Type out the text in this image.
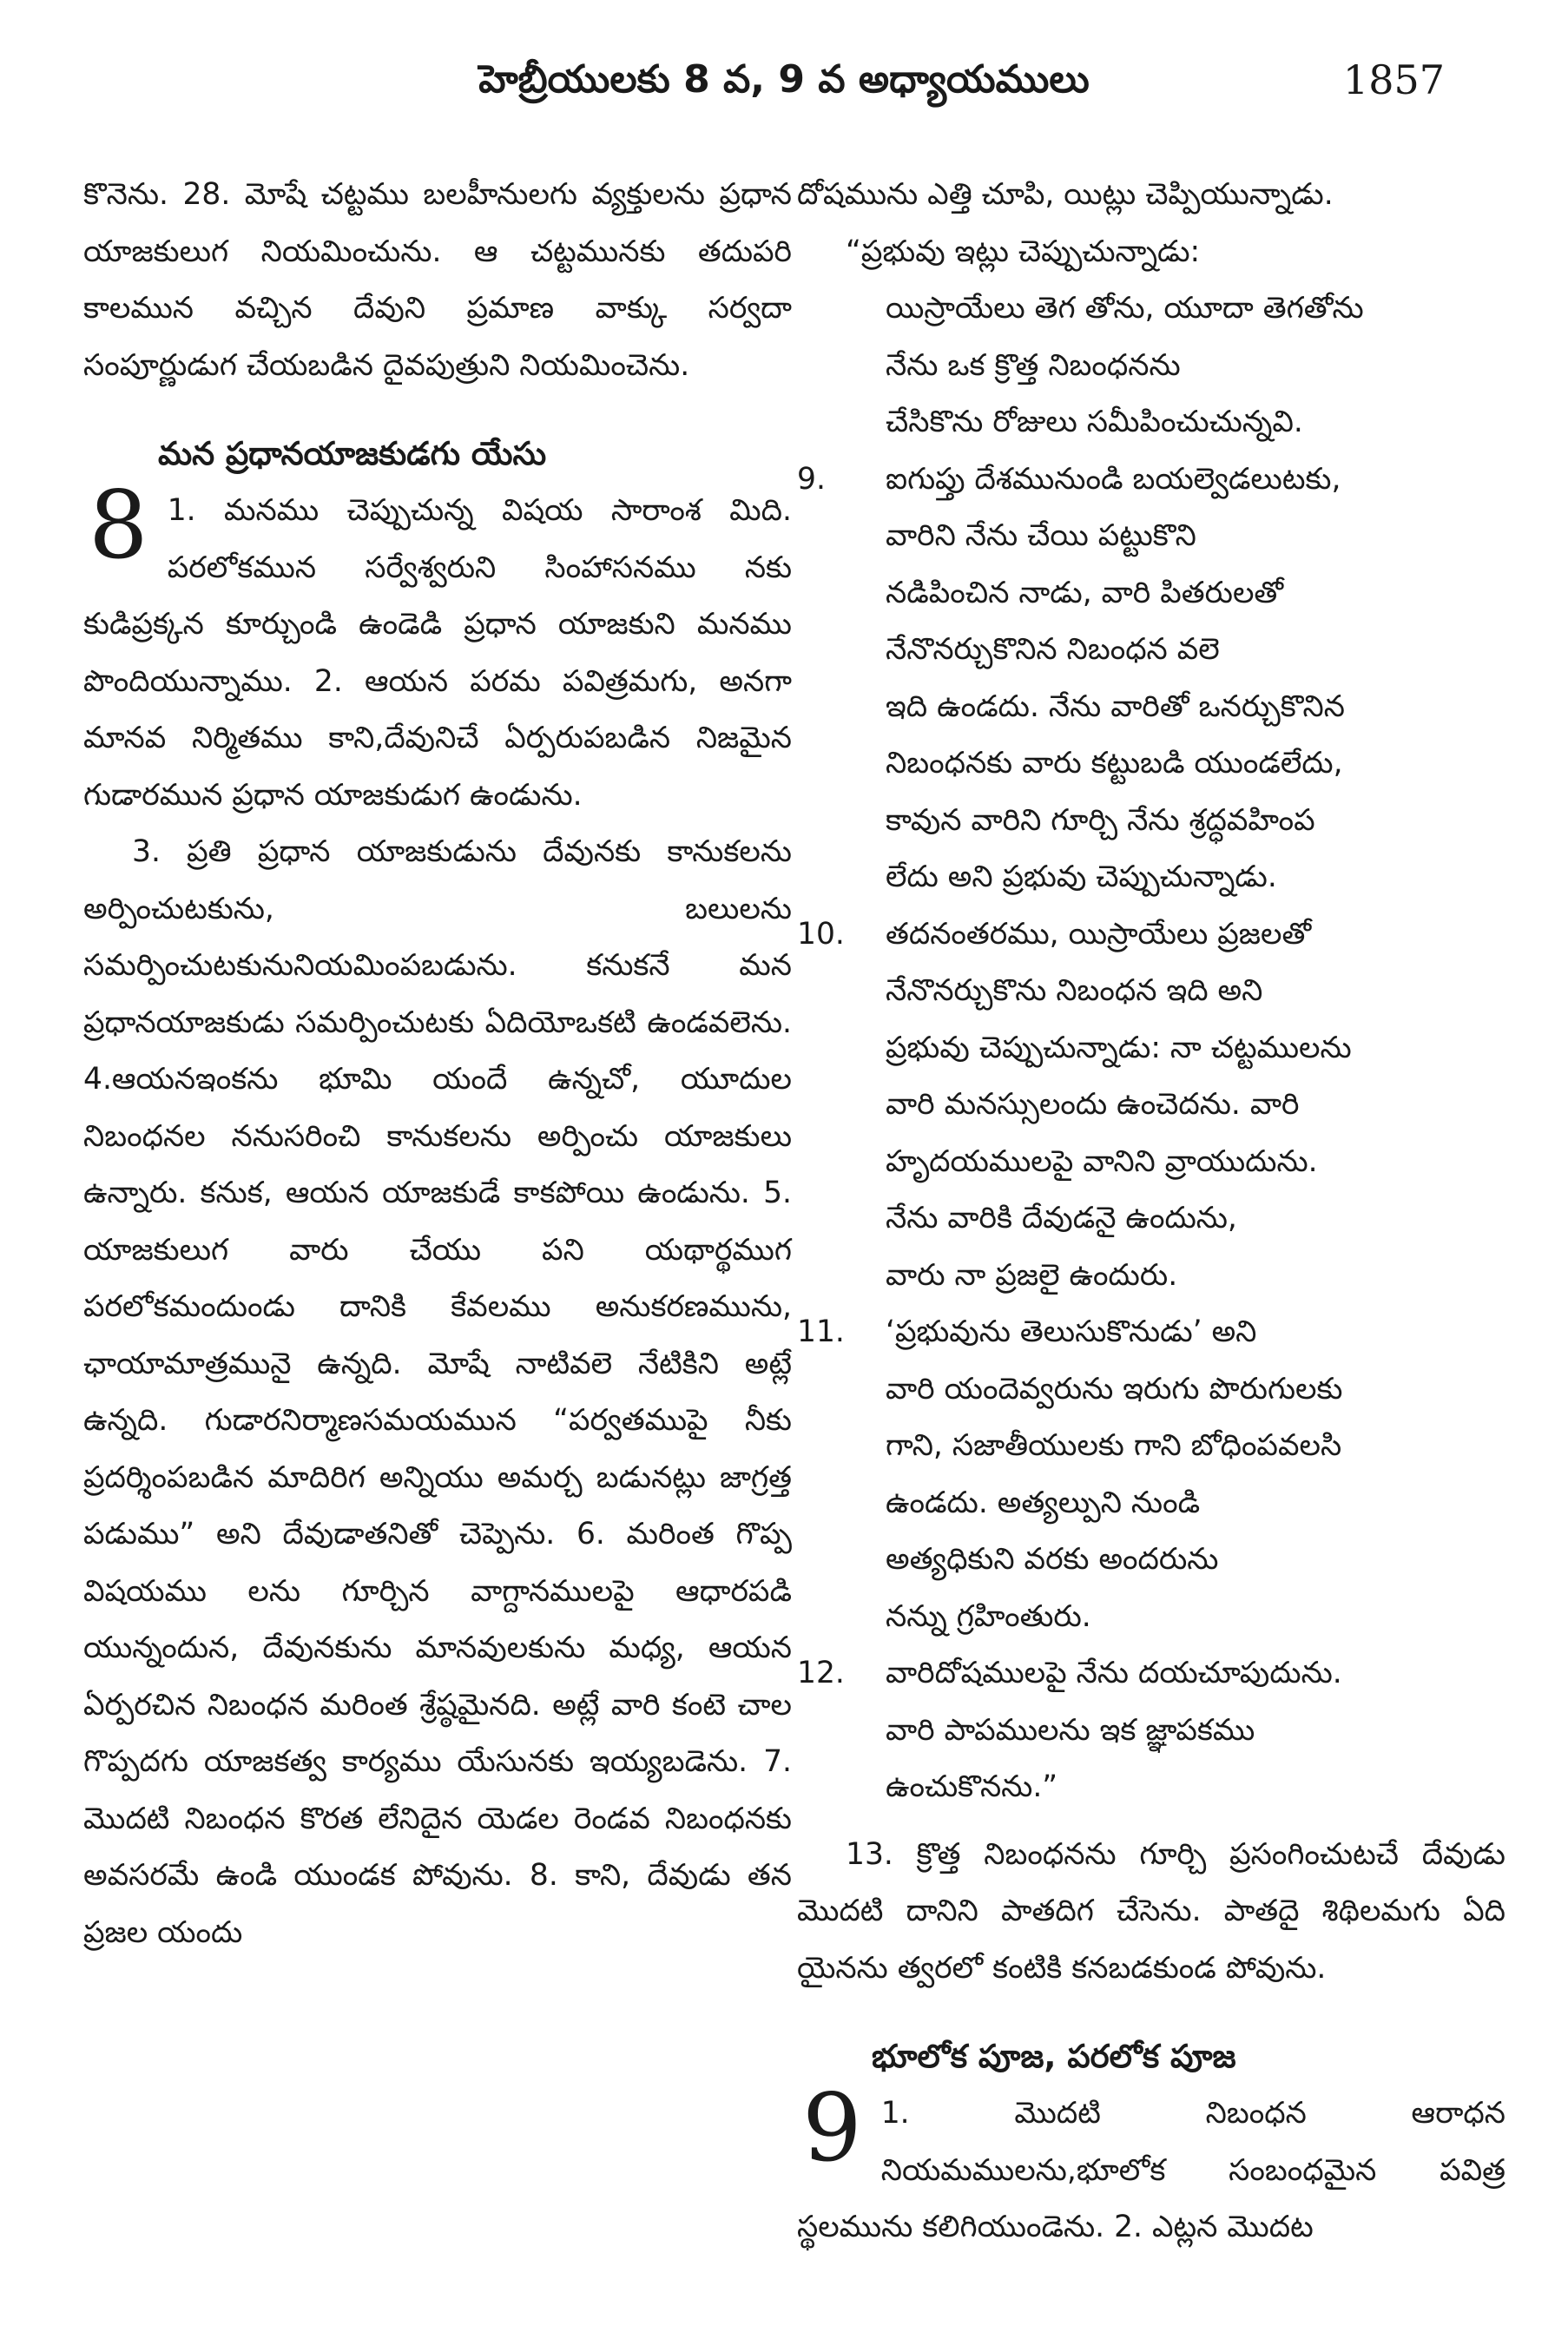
హెబ్రీయులకు 8 వ, 9 వ అధ్యాయములు	1857

కొనెను. 28. మోషే చట్టము బలహీనులగు వ్యక్తులను ప్రధాన యాజకులుగ నియమించును. ఆ చట్టమునకు తదుపరి కాలమున వచ్చిన దేవుని ప్రమాణ వాక్కు సర్వదా సంపూర్ణుడుగ చేయబడిన దైవపుత్రుని నియమించెను.

మన ప్రధానయాజకుడగు యేసు

8 1. మనము చెప్పుచున్న విషయ సారాంశ మిది. పరలోకమున సర్వేశ్వరుని సింహాసనము నకు కుడిప్రక్కన కూర్చుండి ఉండెడి ప్రధాన యాజకుని మనము పొందియున్నాము. 2. ఆయన పరమ పవిత్రమగు, అనగా మానవ నిర్మితము కాని,దేవునిచే ఏర్పరుపబడిన నిజమైన గుడారమున ప్రధాన యాజకుడుగ ఉండును.

3. ప్రతి ప్రధాన యాజకుడును దేవునకు కానుకలను అర్పించుటకును, బలులను సమర్పించుటకునునియమింపబడును. కనుకనే మన ప్రధానయాజకుడు సమర్పించుటకు ఏదియోఒకటి ఉండవలెను. 4.ఆయనఇంకను భూమి యందే ఉన్నచో, యూదుల నిబంధనల ననుసరించి కానుకలను అర్పించు యాజకులు ఉన్నారు. కనుక, ఆయన యాజకుడే కాకపోయి ఉండును. 5. యాజకులుగ వారు చేయు పని యథార్థముగ పరలోకమందుండు దానికి కేవలము అనుకరణమును, ఛాయామాత్రమునై ఉన్నది. మోషే నాటివలె నేటికిని అట్లే ఉన్నది. గుడారనిర్మాణసమయమున “పర్వతముపై నీకు ప్రదర్శింపబడిన మాదిరిగ అన్నియు అమర్చ బడునట్లు జాగ్రత్త పడుము” అని దేవుడాతనితో చెప్పెను. 6. మరింత గొప్ప విషయము లను గూర్చిన వాగ్దానములపై ఆధారపడి యున్నందున, దేవునకును మానవులకును మధ్య, ఆయన ఏర్పరచిన నిబంధన మరింత శ్రేష్ఠమైనది. అట్లే వారి కంటె చాల గొప్పదగు యాజకత్వ కార్యము యేసునకు ఇయ్యబడెను. 7. మొదటి నిబంధన కొరత లేనిదైన యెడల రెండవ నిబంధనకు అవసరమే ఉండి యుండక పోవును. 8. కాని, దేవుడు తన ప్రజల యందు

దోషమును ఎత్తి చూపి, యిట్లు చెప్పియున్నాడు.

“ప్రభువు ఇట్లు చెప్పుచున్నాడు:

యిస్రాయేలు తెగ తోను, యూదా తెగతోను

నేను ఒక క్రొత్త నిబంధనను

చేసికొను రోజులు సమీపించుచున్నవి.

9.	ఐగుప్తు దేశమునుండి బయల్వెడలుటకు,
వారిని నేను చేయి పట్టుకొని
నడిపించిన నాడు, వారి పితరులతో
నేనొనర్చుకొనిన నిబంధన వలె
ఇది ఉండదు. నేను వారితో ఒనర్చుకొనిన
నిబంధనకు వారు కట్టుబడి యుండలేదు,
కావున వారిని గూర్చి నేను శ్రద్ధవహింప
లేదు అని ప్రభువు చెప్పుచున్నాడు.
10.	తదనంతరము, యిస్రాయేలు ప్రజలతో
నేనొనర్చుకొను నిబంధన ఇది అని
ప్రభువు చెప్పుచున్నాడు: నా చట్టములను
వారి మనస్సులందు ఉంచెదను. వారి
హృదయములపై వానిని వ్రాయుదును.
నేను వారికి దేవుడనై ఉందును,
వారు నా ప్రజలై ఉందురు.
11.	‘ప్రభువును తెలుసుకొనుడు’ అని
వారి యందెవ్వరును ఇరుగు పొరుగులకు
గాని, సజాతీయులకు గాని బోధింపవలసి
ఉండదు. అత్యల్పుని నుండి
అత్యధికుని వరకు అందరును
నన్ను గ్రహింతురు.
12.	వారిదోషములపై నేను దయచూపుదును.
వారి పాపములను ఇక జ్ఞాపకము
ఉంచుకొనను.”

13. క్రొత్త నిబంధనను గూర్చి ప్రసంగించుటచే దేవుడు మొదటి దానిని పాతదిగ చేసెను. పాతదై శిథిలమగు ఏది యైనను త్వరలో కంటికి కనబడకుండ పోవును.

భూలోక పూజ, పరలోక పూజ

9 1. మొదటి నిబంధన ఆరాధన నియమములను,భూలోక సంబంధమైన పవిత్ర స్థలమును కలిగియుండెను. 2. ఎట్లన మొదట
